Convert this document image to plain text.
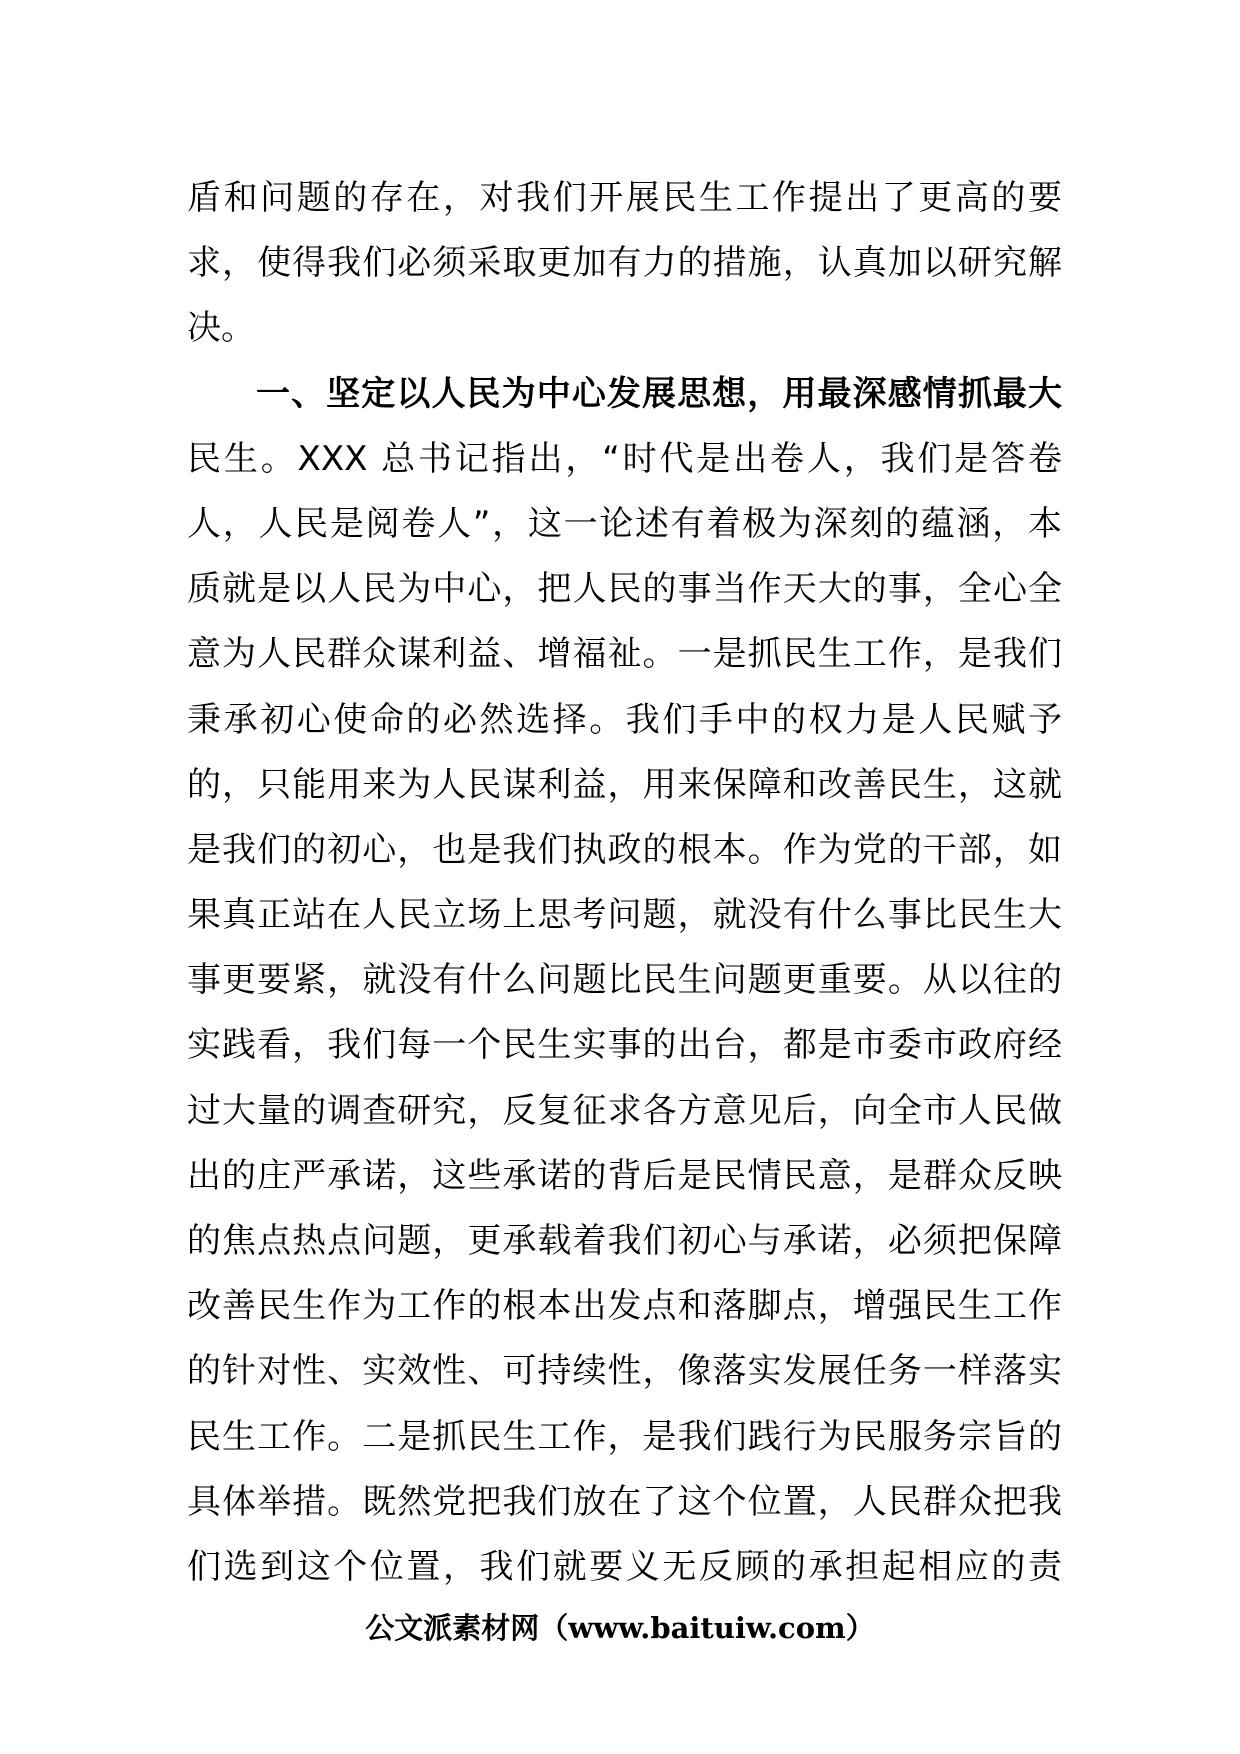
盾和问题的存在，对我们开展民生工作提出了更高的要
求，使得我们必须采取更加有力的措施，认真加以研究解
决。
一、坚定以人民为中心发展思想，用最深感情抓最大
民生。XXX 总书记指出，“时代是出卷人，我们是答卷
人，人民是阅卷人”，这一论述有着极为深刻的蕴涵，本
质就是以人民为中心，把人民的事当作天大的事，全心全
意为人民群众谋利益、增福祉。一是抓民生工作，是我们
秉承初心使命的必然选择。我们手中的权力是人民赋予
的，只能用来为人民谋利益，用来保障和改善民生，这就
是我们的初心，也是我们执政的根本。作为党的干部，如
果真正站在人民立场上思考问题，就没有什么事比民生大
事更要紧，就没有什么问题比民生问题更重要。从以往的
实践看，我们每一个民生实事的出台，都是市委市政府经
过大量的调查研究，反复征求各方意见后，向全市人民做
出的庄严承诺，这些承诺的背后是民情民意，是群众反映
的焦点热点问题，更承载着我们初心与承诺，必须把保障
改善民生作为工作的根本出发点和落脚点，增强民生工作
的针对性、实效性、可持续性，像落实发展任务一样落实
民生工作。二是抓民生工作，是我们践行为民服务宗旨的
具体举措。既然党把我们放在了这个位置，人民群众把我
们选到这个位置，我们就要义无反顾的承担起相应的责
公文派素材网（www.baituiw.com）
